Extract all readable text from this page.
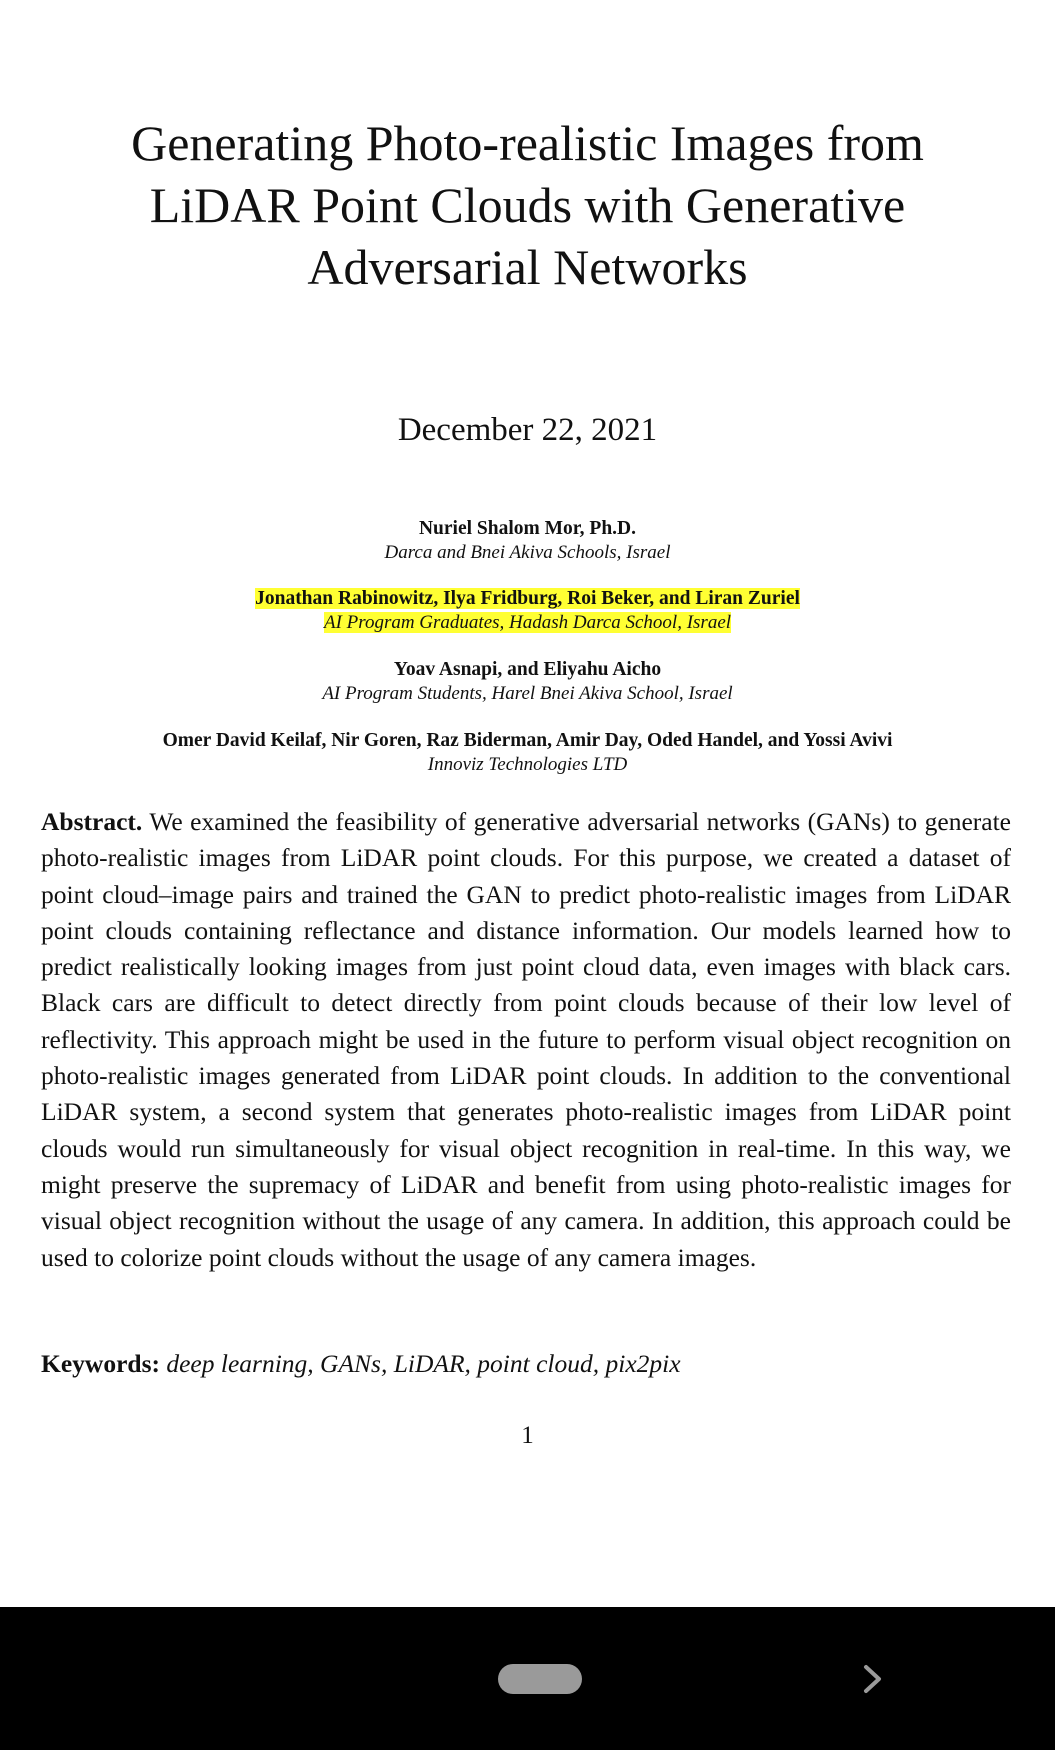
Generating Photo-realistic Images from
LiDAR Point Clouds with Generative
Adversarial Networks
December 22, 2021
Nuriel Shalom Mor, Ph.D.
Darca and Bnei Akiva Schools, Israel
Jonathan Rabinowitz, Ilya Fridburg, Roi Beker, and Liran Zuriel
AI Program Graduates, Hadash Darca School, Israel
Yoav Asnapi, and Eliyahu Aicho
AI Program Students, Harel Bnei Akiva School, Israel
Omer David Keilaf, Nir Goren, Raz Biderman, Amir Day, Oded Handel, and Yossi Avivi
Innoviz Technologies LTD
Abstract. We examined the feasibility of generative adversarial networks (GANs) to generate photo-realistic images from LiDAR point clouds. For this purpose, we created a dataset of point cloud–image pairs and trained the GAN to predict photo-realistic images from LiDAR point clouds containing reflectance and distance information. Our models learned how to predict realistically looking images from just point cloud data, even images with black cars. Black cars are difficult to detect directly from point clouds because of their low level of reflectivity. This approach might be used in the future to perform visual object recognition on photo-realistic images generated from LiDAR point clouds. In addition to the conventional LiDAR system, a second system that generates photo-realistic images from LiDAR point clouds would run simultaneously for visual object recognition in real-time. In this way, we might preserve the supremacy of LiDAR and benefit from using photo-realistic images for visual object recognition without the usage of any camera. In addition, this approach could be used to colorize point clouds without the usage of any camera images.
Keywords: deep learning, GANs, LiDAR, point cloud, pix2pix
1
